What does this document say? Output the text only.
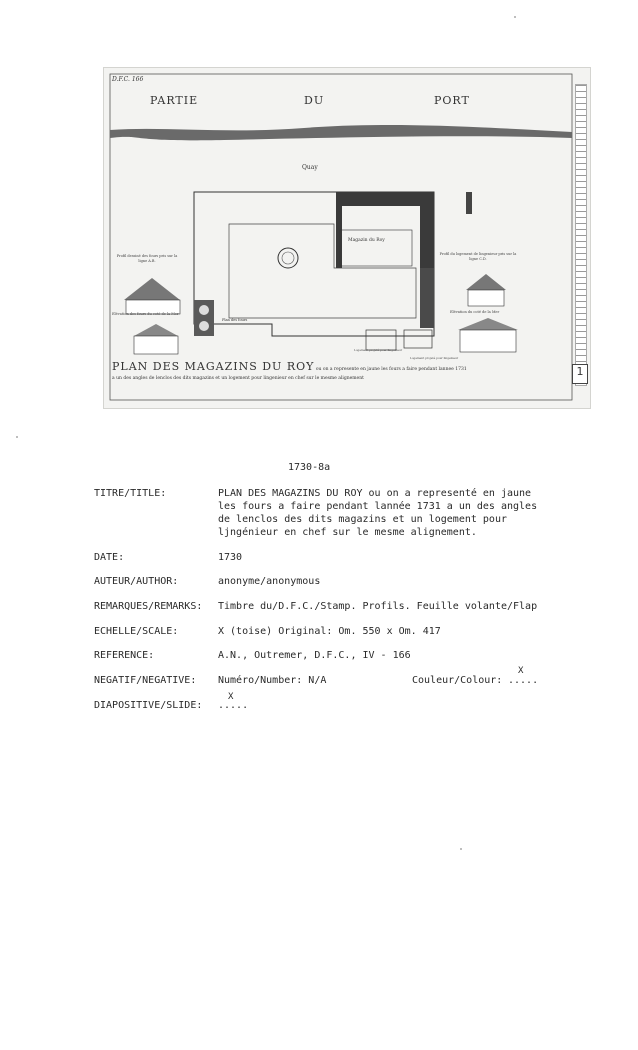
D.F.C. 166
PARTIE	DU	PORT
Quay
Magazin du Roy
Plan des fours
Profil dessiné des fours pris sur la ligne A.B.
Elévation des fours du coté de la Mer
Profil du logement de lingenieur pris sur la ligne C.D.
Elévation du coté de la Mer
Logement projeté pour lingenieur
Logement projeté pour lingenieur
PLAN DES MAGAZINS DU ROY ou on a represente en jaune les fours a faire pendant lannee 1731
a un des angles de lenclos des dits magazins et un logement pour lingenieur en chef sur le mesme alignement
1
1730-8a
TITRE/TITLE:	PLAN DES MAGAZINS DU ROY ou on a representé en jaune
les fours a faire pendant lannée 1731 a un des angles
de lenclos des dits magazins et un logement pour
ljngénieur en chef sur le mesme alignement.
DATE:	1730
AUTEUR/AUTHOR:	anonyme/anonymous
REMARQUES/REMARKS: Timbre du/D.F.C./Stamp. Profils. Feuille volante/Flap
ECHELLE/SCALE:	X (toise) Original: Om. 550 x Om. 417
REFERENCE:	A.N., Outremer, D.F.C., IV - 166
NEGATIF/NEGATIVE: Numéro/Number: N/A	Couleur/Colour: .....
X
DIAPOSITIVE/SLIDE: .....
X
